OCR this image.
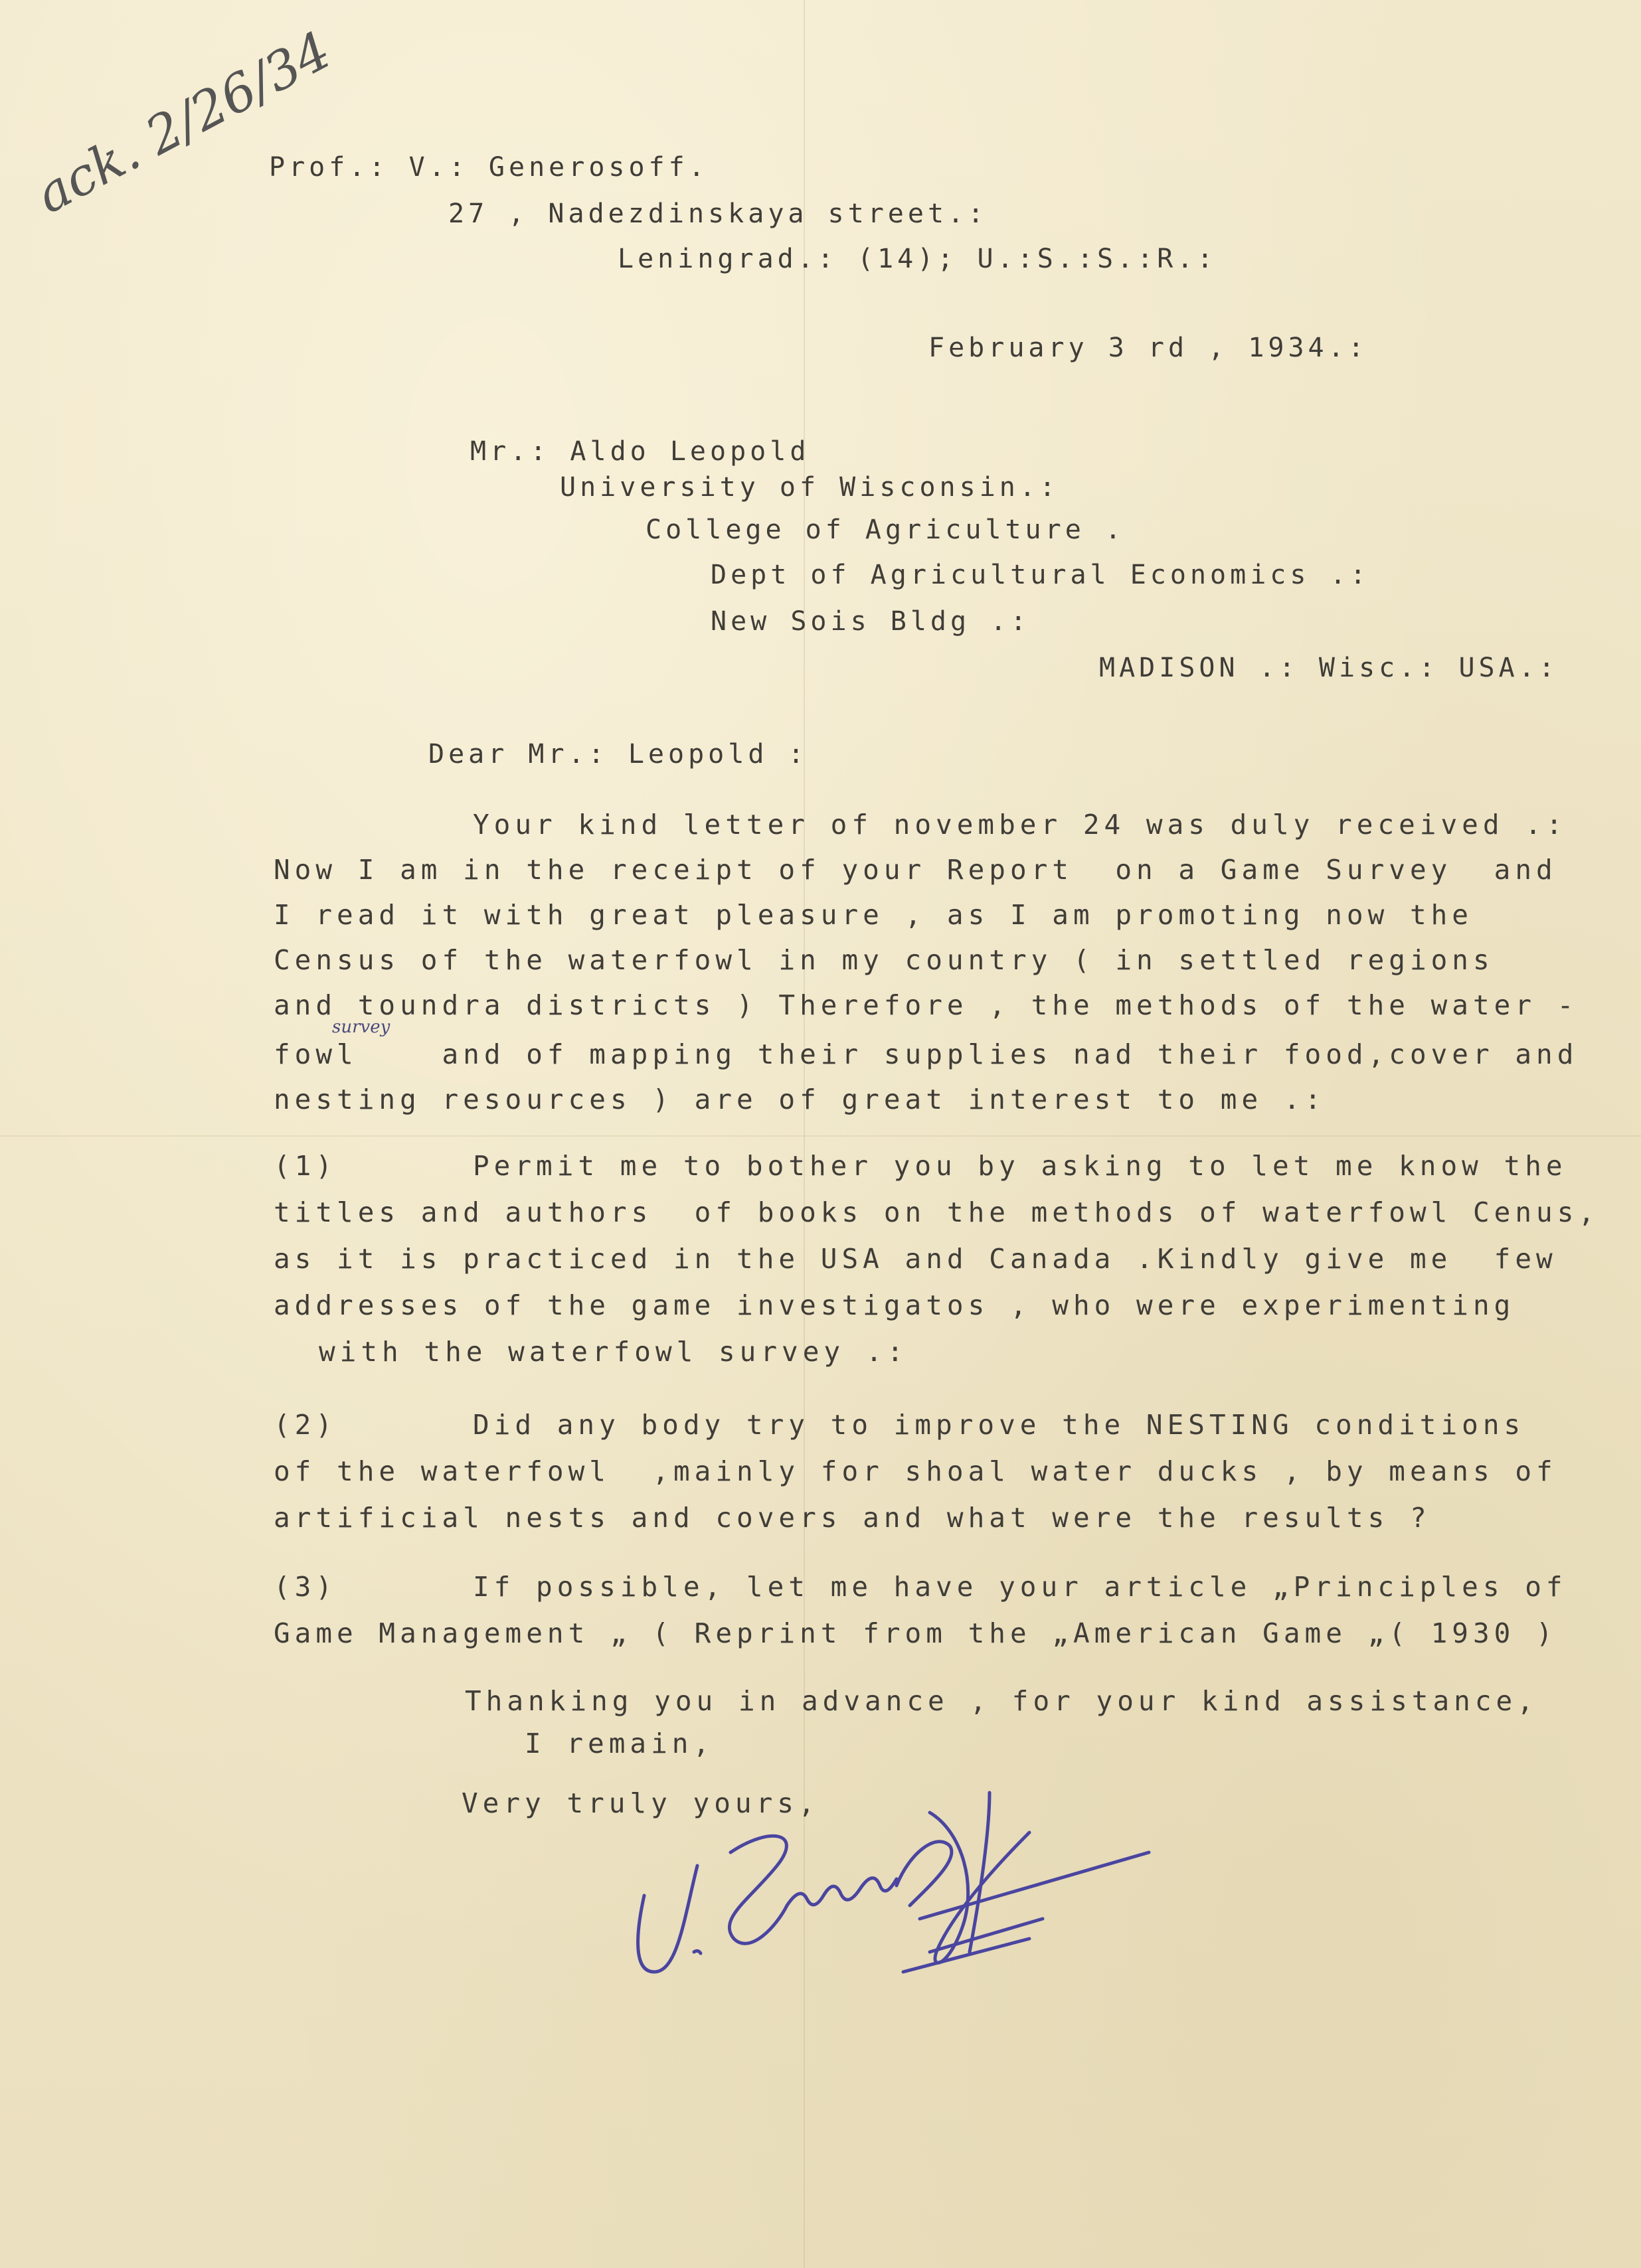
ack. 2/26/34
Prof.: V.: Generosoff.
27 , Nadezdinskaya street.:
Leningrad.: (14); U.:S.:S.:R.:
February 3 rd , 1934.:
Mr.: Aldo Leopold
University of Wisconsin.:
College of Agriculture .
Dept of Agricultural Economics .:
New Sois Bldg .:
MADISON .: Wisc.: USA.:
Dear Mr.: Leopold :
Your kind letter of november 24 was duly received .:
Now I am in the receipt of your Report  on a Game Survey  and
I read it with great pleasure , as I am promoting now the
Census of the waterfowl in my country ( in settled regions
and toundra districts ) Therefore , the methods of the water -
survey
fowl    and of mapping their supplies nad their food,cover and
nesting resources ) are of great interest to me .:
(1)	Permit me to bother you by asking to let me know the
titles and authors  of books on the methods of waterfowl Cenus,
as it is practiced in the USA and Canada .Kindly give me  few
addresses of the game investigatos , who were experimenting
with the waterfowl survey .:
(2)	Did any body try to improve the NESTING conditions
of the waterfowl  ,mainly for shoal water ducks , by means of
artificial nests and covers and what were the results ?
(3)	If possible, let me have your article „Principles of
Game Management „ ( Reprint from the „American Game „( 1930 )
Thanking you in advance , for your kind assistance,
I remain,
Very truly yours,
